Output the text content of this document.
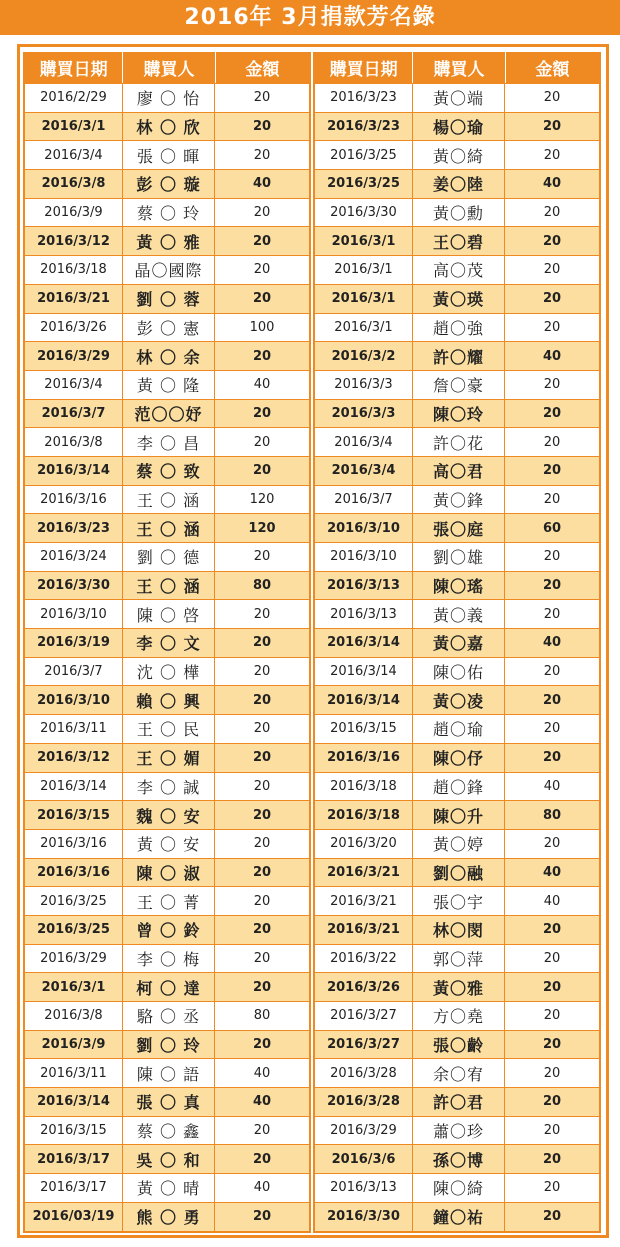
2016年 3月捐款芳名錄
購買日期	購買人	金額
2016/2/29	廖 〇 怡	20
2016/3/1	林 〇 欣	20
2016/3/4	張 〇 暉	20
2016/3/8	彭 〇 璇	40
2016/3/9	蔡 〇 玲	20
2016/3/12	黃 〇 雅	20
2016/3/18	晶〇國際	20
2016/3/21	劉 〇 蓉	20
2016/3/26	彭 〇 憲	100
2016/3/29	林 〇 余	20
2016/3/4	黃 〇 隆	40
2016/3/7	范〇〇妤	20
2016/3/8	李 〇 昌	20
2016/3/14	蔡 〇 致	20
2016/3/16	王 〇 涵	120
2016/3/23	王 〇 涵	120
2016/3/24	劉 〇 德	20
2016/3/30	王 〇 涵	80
2016/3/10	陳 〇 啓	20
2016/3/19	李 〇 文	20
2016/3/7	沈 〇 樺	20
2016/3/10	賴 〇 興	20
2016/3/11	王 〇 民	20
2016/3/12	王 〇 媚	20
2016/3/14	李 〇 誠	20
2016/3/15	魏 〇 安	20
2016/3/16	黃 〇 安	20
2016/3/16	陳 〇 淑	20
2016/3/25	王 〇 菁	20
2016/3/25	曾 〇 鈴	20
2016/3/29	李 〇 梅	20
2016/3/1	柯 〇 達	20
2016/3/8	駱 〇 丞	80
2016/3/9	劉 〇 玲	20
2016/3/11	陳 〇 語	40
2016/3/14	張 〇 真	40
2016/3/15	蔡 〇 鑫	20
2016/3/17	吳 〇 和	20
2016/3/17	黃 〇 晴	40
2016/03/19	熊 〇 勇	20
購買日期	購買人	金額
2016/3/23	黃〇端	20
2016/3/23	楊〇瑜	20
2016/3/25	黃〇綺	20
2016/3/25	姜〇陸	40
2016/3/30	黃〇勳	20
2016/3/1	王〇碧	20
2016/3/1	高〇茂	20
2016/3/1	黃〇瑛	20
2016/3/1	趙〇強	20
2016/3/2	許〇耀	40
2016/3/3	詹〇豪	20
2016/3/3	陳〇玲	20
2016/3/4	許〇花	20
2016/3/4	高〇君	20
2016/3/7	黃〇鋒	20
2016/3/10	張〇庭	60
2016/3/10	劉〇雄	20
2016/3/13	陳〇瑤	20
2016/3/13	黃〇義	20
2016/3/14	黃〇嘉	40
2016/3/14	陳〇佑	20
2016/3/14	黃〇凌	20
2016/3/15	趙〇瑜	20
2016/3/16	陳〇伃	20
2016/3/18	趙〇鋒	40
2016/3/18	陳〇升	80
2016/3/20	黃〇婷	20
2016/3/21	劉〇融	40
2016/3/21	張〇宇	40
2016/3/21	林〇閔	20
2016/3/22	郭〇萍	20
2016/3/26	黃〇雅	20
2016/3/27	方〇堯	20
2016/3/27	張〇齡	20
2016/3/28	余〇宥	20
2016/3/28	許〇君	20
2016/3/29	蕭〇珍	20
2016/3/6	孫〇博	20
2016/3/13	陳〇綺	20
2016/3/30	鐘〇祐	20
